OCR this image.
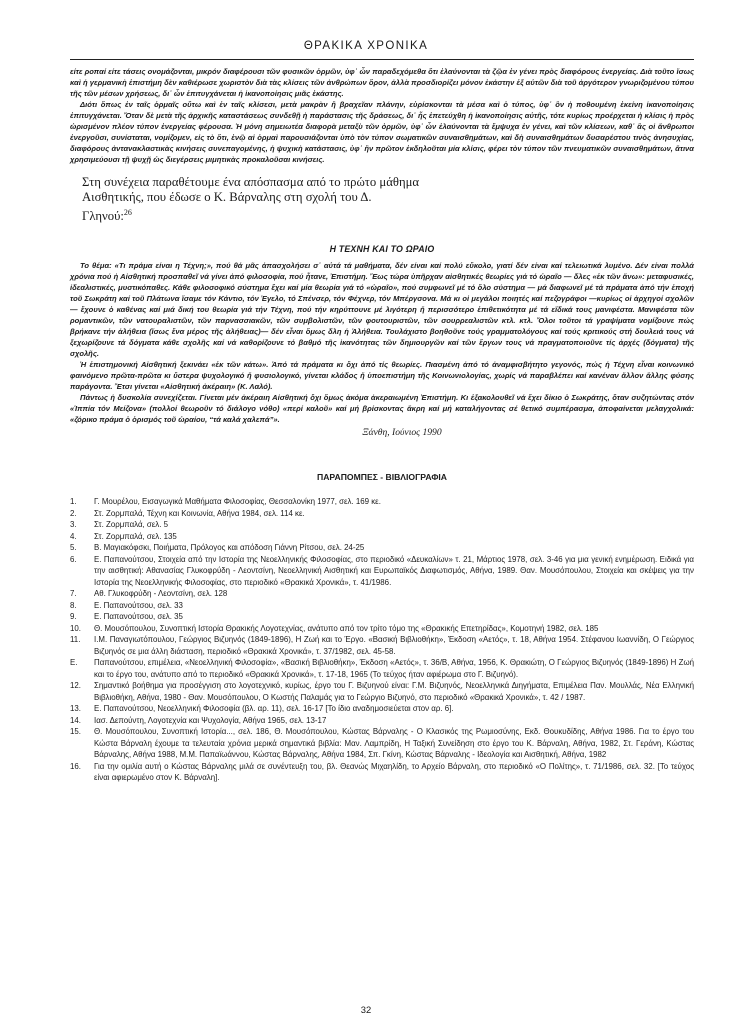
ΘΡΑΚΙΚΑ ΧΡΟΝΙΚΑ

είτε ροπαί είτε τάσεις ονομάζονται, μικρόν διαφέρουσι τῶν φυσικῶν ὁρμῶν, ὑφ᾽ ὧν παραδεχόμεθα ὅτι ἐλαύνονται τὰ ζῷα ἐν γένει πρὸς διαφόρους ἐνεργείας. Διὰ τοῦτο ἴσως καὶ ἡ γερμανικὴ ἐπιστήμη δὲν καθιέρωσε χωριστὸν διὰ τὰς κλίσεις τῶν ἀνθρώπων ὅρον, ἀλλὰ προσδιορίζει μόνον ἑκάστην ἐξ αὐτῶν διὰ τοῦ ἀργότερον γνωριζομένου τύπου τῆς τῶν μέσων χρήσεως, δι᾽ ὧν ἐπιτυγχάνεται ἡ ἱκανοποίησις μιᾶς ἑκάστης.

Διότι ὅπως ἐν ταῖς ὁρμαῖς οὕτω καὶ ἐν ταῖς κλίσεσι, μετὰ μακρὰν ἢ βραχεῖαν πλάνην, εὑρίσκονται τὰ μέσα καὶ ὁ τύπος, ὑφ᾽ ὃν ἡ ποθουμένη ἐκείνη ἱκανοποίησις ἐπιτυγχάνεται. Ὅταν δὲ μετὰ τῆς ἀρχικῆς καταστάσεως συνδεθῇ ἡ παράστασις τῆς δράσεως, δι᾽ ἧς ἐπετεύχθη ἡ ἱκανοποίησις αὐτῆς, τότε κυρίως προέρχεται ἡ κλίσις ἡ πρὸς ὡρισμένον πλέον τύπον ἐνεργείας φέρουσα. Ἡ μόνη σημειωτέα διαφορὰ μεταξὺ τῶν ὁρμῶν, ὑφ᾽ ὧν ἐλαύνονται τὰ ἔμψυχα ἐν γένει, καὶ τῶν κλίσεων, καθ᾽ ἃς οἱ ἄνθρωποι ἐνεργοῦσι, συνίσταται, νομίζομεν, εἰς τὸ ὅτι, ἐνῷ αἱ ὁρμαὶ παρουσιάζονται ὑπὸ τὸν τύπον σωματικῶν συναισθημάτων, καὶ δὴ συναισθημάτων δυσαρέστου τινὸς ἀνησυχίας, διαφόρους ἀντανακλαστικὰς κινήσεις συνεπαγομένης, ἡ ψυχικὴ κατάστασις, ὑφ᾽ ἣν πρῶτον ἐκδηλοῦται μία κλίσις, φέρει τὸν τύπον τῶν πνευματικῶν συναισθημάτων, ἅτινα χρησιμεύουσι τῇ ψυχῇ ὡς διεγέρσεις μιμητικὰς προκαλοῦσαι κινήσεις.

Στη συνέχεια παραθέτουμε ένα απόσπασμα από το πρώτο μάθημα Αισθητικής, που έδωσε ο Κ. Βάρναλης στη σχολή του Δ. Γληνού:$^{26}$

Η ΤΕΧΝΗ ΚΑΙ ΤΟ ΩΡΑΙΟ

Το θέμα: «Τι πράμα είναι η Τέχνη;», πού θά μᾶς ἀπασχολήσει σ᾽ αὐτά τά μαθήματα, δέν είναι καί πολύ εὔκολο, γιατί δέν είναι καί τελειωτικά λυμένο. Δέν είναι πολλά χρόνια πού ἡ Αἰσθητική προσπαθεῖ νά γίνει ἀπό φιλοσοφία, πού ἦτανε, Ἐπιστήμη. Ἕως τώρα ὑπῆρχαν αἰσθητικές θεωρίες γιά τό ὡραῖο — δλες «ἐκ τῶν ἄνω»: μεταφυσικές, ἰδεαλιστικές, μυστικόπαθες. Κάθε φιλοσοφικό σύστημα ἔχει καί μία θεωρία γιά τό «ὡραῖο», πού συμφωνεῖ μέ τό ὅλο σύστημα — μά διαφωνεῖ μέ τά πράματα ἀπό τήν ἐποχή τοῦ Σωκράτη καί τοῦ Πλάτωνα ἴσαμε τόν Κάντιο, τόν Ἐγελο, τό Σπένσερ, τόν Φέχνερ, τόν Μπέργσονα. Μά κι οἱ μεγάλοι ποιητές καί πεζογράφοι —κυρίως οἱ ἀρχηγοί σχολῶν— ἔχουνε ὁ καθένας καί μιά δική του θεωρία γιά τήν Τέχνη, πού τήν κηρύττουνε μέ λιγότερη ἤ περισσότερο ἐπιθετικότητα μέ τά εἴδικά τους μανιφέστα. Μανιφέστα τῶν ρομαντικῶν, τῶν νατουραλιστῶν, τῶν παρνασσιακῶν, τῶν συμβολιστῶν, τῶν φουτουριστῶν, τῶν σουρρεαλιστῶν κτλ. κτλ. Ὅλοι τοῦτοι τά γραψίματα νομίζουνε πώς βρήκανε τήν ἀλήθεια (ἴσως ἕνα μέρος τῆς ἀλήθειας)— δέν εἶναι ὅμως δλη ἡ Ἀλήθεια. Τουλάχιστο βοηθοῦνε τούς γραμματολόγους καί τούς κριτικούς στή δουλειά τους νά ξεχωρίζουνε τά δόγματα κάθε σχολῆς καί νά καθορίζουνε τό βαθμό τῆς ἱκανότητας τῶν δημιουργῶν καί τῶν ἔργων τους νά πραγματοποιοῦνε τίς ἀρχές (δόγματα) τῆς σχολῆς.

Ἡ ἐπιστημονική Αἰσθητική ξεκινάει «ἐκ τῶν κάτω». Ἀπό τά πράματα κι ὄχι ἀπό τίς θεωρίες. Πιασμένη ἀπό τό ἀναμφισβήτητο γεγονός, πώς ἡ Τέχνη εἶναι κοινωνικό φαινόμενο πρῶτα-πρῶτα κι ὕστερα ψυχολογικό ἤ φυσιολογικό, γίνεται κλάδος ἤ ὑποεπιστήμη τῆς Κοινωνιολογίας, χωρίς νά παραβλέπει καί κανέναν ἄλλον ἄλλης φύσης παράγοντα. Ἔτσι γίνεται «Αἰσθητική ἀκέραιη» (Κ. Λαλό).

Πάντως ἡ δυσκολία συνεχίζεται. Γίνεται μέν ἀκέραιη Αἰσθητική ὄχι ὅμως ἀκόμα ἀκεραιωμένη Ἐπιστήμη. Κι ἐξακολουθεῖ νά ἔχει δίκιο ὁ Σωκράτης, ὅταν συζητώντας στόν «Ἱππία τόν Μείζονα» (πολλοί θεωροῦν τό διάλογο νόθο) «περί καλοῦ» καί μή βρίσκοντας ἄκρη καί μή καταλήγοντας σέ θετικό συμπέρασμα, ἀποφαίνεται μελαγχολικά: «ζόρικο πράμα ὁ ὁρισμός τοῦ ὡραίου, “τά καλά χαλεπά”».

Ξάνθη, Ιούνιος 1990
ΠΑΡΑΠΟΜΠΕΣ - ΒΙΒΛΙΟΓΡΑΦΙΑ
1.	Γ. Μουρέλου, Εισαγωγικά Μαθήματα Φιλοσοφίας, Θεσσαλονίκη 1977, σελ. 169 κε.
2.	Στ. Ζορμπαλά, Τέχνη και Κοινωνία, Αθήνα 1984, σελ. 114 κε.
3.	Στ. Ζορμπαλά, σελ. 5
4.	Στ. Ζορμπαλά, σελ. 135
5.	Β. Μαγιακόφσκι, Ποιήματα, Πρόλογος και απόδοση Γιάννη Ρίτσου, σελ. 24-25
6.	Ε. Παπανούτσου, Στοιχεία από την Ιστορία της Νεοελληνικής Φιλοσοφίας, στο περιοδικό «Δευκαλίων» τ. 21, Μάρτιος 1978, σελ. 3-46 για μια γενική ενημέρωση. Ειδικά για την αισθητική: Αθανασίας Γλυκοφρύδη - Λεοντσίνη, Νεοελληνική Αισθητική και Ευρωπαϊκός Διαφωτισμός, Αθήνα, 1989. Θαν. Μουσόπουλου, Στοιχεία και σκέψεις για την Ιστορία της Νεοελληνικής Φιλοσοφίας, στο περιοδικό «Θρακικά Χρονικά», τ. 41/1986.
7.	Αθ. Γλυκοφρύδη - Λεοντσίνη, σελ. 128
8.	Ε. Παπανούτσου, σελ. 33
9.	Ε. Παπανούτσου, σελ. 35
10.	Θ. Μουσόπουλου, Συνοπτική Ιστορία Θρακικής Λογοτεχνίας, ανάτυπο από τον τρίτο τόμο της «Θρακικής Επετηρίδας», Κομοτηνή 1982, σελ. 185
11.	Ι.Μ. Παναγιωτόπουλου, Γεώργιος Βιζυηνός (1849-1896), Η Ζωή και το Έργο. «Βασική Βιβλιοθήκη», Έκδοση «Αετός», τ. 18, Αθήνα 1954. Στέφανου Ιωαννίδη, Ο Γεώργιος Βιζυηνός σε μια άλλη διάσταση, περιοδικό «Θρακικά Χρονικά», τ. 37/1982, σελ. 45-58.
Ε.	Παπανούτσου, επιμέλεια, «Νεοελληνική Φιλοσοφία», «Βασική Βιβλιοθήκη», Έκδοση «Αετός», τ. 36/Β, Αθήνα, 1956, Κ. Θρακιώτη, Ο Γεώργιος Βιζυηνός (1849-1896) Η Ζωή και το έργο του, ανάτυπο από το περιοδικό «Θρακικά Χρονικά», τ. 17-18, 1965 (Το τεύχος ήταν αφιέρωμα στο Γ. Βιζυηνό).
12.	Σημαντικό βοήθημα για προσέγγιση στο λογοτεχνικό, κυρίως, έργο του Γ. Βιζυηνού είναι: Γ.Μ. Βιζυηνός, Νεοελληνικά Διηγήματα, Επιμέλεια Παν. Μουλλάς, Νέα Ελληνική Βιβλιοθήκη, Αθήνα, 1980 - Θαν. Μουσόπουλου, Ο Κωστής Παλαμάς για το Γεώργιο Βιζυηνό, στο περιοδικό «Θρακικά Χρονικά», τ. 42 / 1987.
13.	Ε. Παπανούτσου, Νεοελληνική Φιλοσοφία (βλ. αρ. 11), σελ. 16-17 [Το ίδιο αναδημοσιεύεται στον αρ. 6].
14.	Ιασ. Δεπούντη, Λογοτεχνία και Ψυχολογία, Αθήνα 1965, σελ. 13-17
15.	Θ. Μουσόπουλου, Συνοπτική Ιστορία..., σελ. 186, Θ. Μουσόπουλου, Κώστας Βάρναλης - Ο Κλασικός της Ρωμιοσύνης, Εκδ. Θουκυδίδης, Αθήνα 1986. Για το έργο του Κώστα Βάρναλη έχουμε τα τελευταία χρόνια μερικά σημαντικά βιβλία: Μαν. Λαμπρίδη, Η Ταξική Συνείδηση στο έργο του Κ. Βάρναλη, Αθήνα, 1982, Στ. Γεράνη, Κώστας Βάρναλης, Αθήνα 1988, Μ.Μ. Παπαϊωάννου, Κώστας Βάρναλης, Αθήνα 1984, Σπ. Γκίνη, Κώστας Βάρναλης - Ιδεολογία και Αισθητική, Αθήνα, 1982
16.	Για την ομιλία αυτή ο Κώστας Βάρναλης μιλά σε συνέντευξη του, βλ. Θεανώς Μιχαηλίδη, το Αρχείο Βάρναλη, στο περιοδικό «Ο Πολίτης», τ. 71/1986, σελ. 32. [Το τεύχος είναι αφιερωμένο στον Κ. Βάρναλη].
32
